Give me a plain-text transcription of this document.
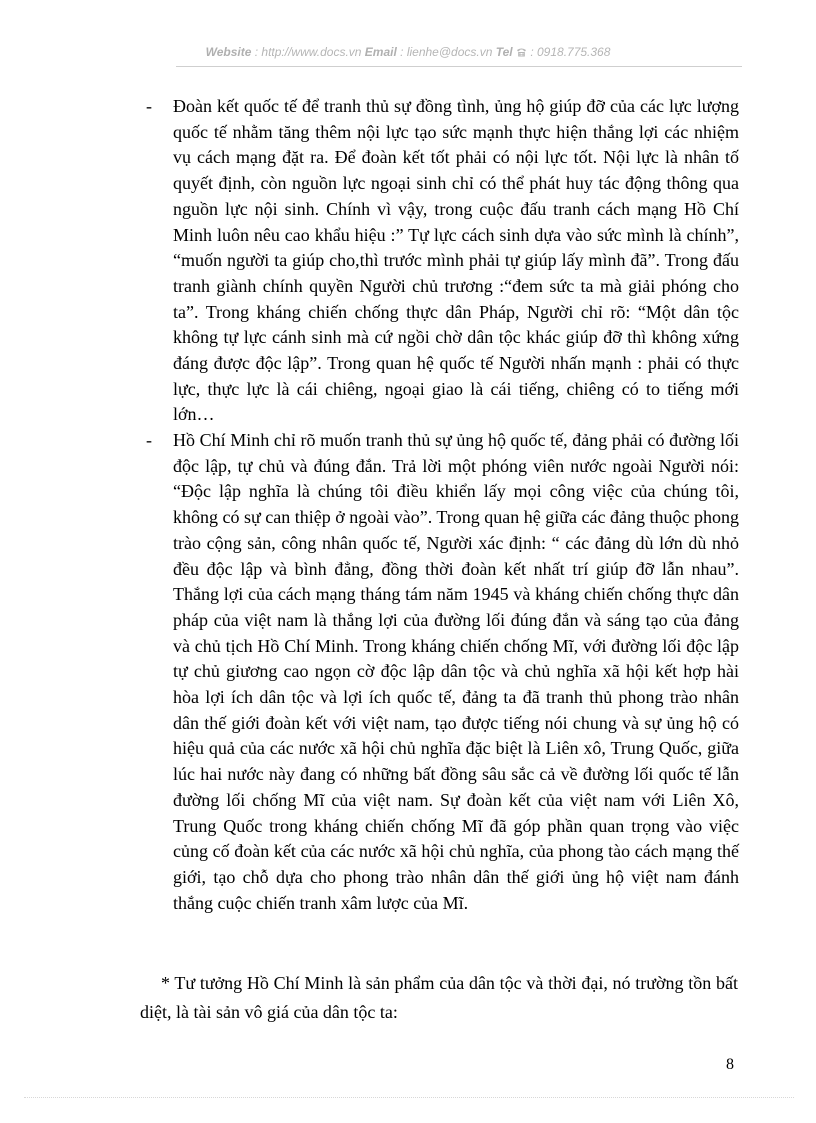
Website : http://www.docs.vn Email : lienhe@docs.vn Tel : 0918.775.368
- Đoàn kết quốc tế để tranh thủ sự đồng tình, ủng hộ giúp đỡ của các lực lượng quốc tế nhằm tăng thêm nội lực tạo sức mạnh thực hiện thắng lợi các nhiệm vụ cách mạng đặt ra. Để đoàn kết tốt phải có nội lực tốt. Nội lực là nhân tố quyết định, còn nguồn lực ngoại sinh chỉ có thể phát huy tác động thông qua nguồn lực nội sinh. Chính vì vậy, trong cuộc đấu tranh cách mạng Hồ Chí Minh luôn nêu cao khẩu hiệu :” Tự lực cách sinh dựa vào sức mình là chính”, “muốn người ta giúp cho,thì trước mình phải tự giúp lấy mình đã”. Trong đấu tranh giành chính quyền Người chủ trương :“đem sức ta mà giải phóng cho ta”. Trong kháng chiến chống thực dân Pháp, Người chỉ rõ: “Một dân tộc không tự lực cánh sinh mà cứ ngồi chờ dân tộc khác giúp đỡ thì không xứng đáng được độc lập”. Trong quan hệ quốc tế Người nhấn mạnh : phải có thực lực, thực lực là cái chiêng, ngoại giao là cái tiếng, chiêng có to tiếng mới lớn…
- Hồ Chí Minh chỉ rõ muốn tranh thủ sự ủng hộ quốc tế, đảng phải có đường lối độc lập, tự chủ và đúng đắn. Trả lời một phóng viên nước ngoài Người nói: “Độc lập nghĩa là chúng tôi điều khiển lấy mọi công việc của chúng tôi, không có sự can thiệp ở ngoài vào”. Trong quan hệ giữa các đảng thuộc phong trào cộng sản, công nhân quốc tế, Người xác định: “ các đảng dù lớn dù nhỏ đều độc lập và bình đẳng, đồng thời đoàn kết nhất trí giúp đỡ lẫn nhau”. Thắng lợi của cách mạng tháng tám năm 1945 và kháng chiến chống thực dân pháp của việt nam là thắng lợi của đường lối đúng đắn và sáng tạo của đảng và chủ tịch Hồ Chí Minh. Trong kháng chiến chống Mĩ, với đường lối độc lập tự chủ giương cao ngọn cờ độc lập dân tộc và chủ nghĩa xã hội kết hợp hài hòa lợi ích dân tộc và lợi ích quốc tế, đảng ta đã tranh thủ phong trào nhân dân thế giới đoàn kết với việt nam, tạo được tiếng nói chung và sự ủng hộ có hiệu quả của các nước xã hội chủ nghĩa đặc biệt là Liên xô, Trung Quốc, giữa lúc hai nước này đang có những bất đồng sâu sắc cả về đường lối quốc tế lẫn đường lối chống Mĩ của việt nam. Sự đoàn kết của việt nam với Liên Xô, Trung Quốc trong kháng chiến chống Mĩ đã góp phần quan trọng vào việc củng cố đoàn kết của các nước xã hội chủ nghĩa, của phong tào cách mạng thế giới, tạo chỗ dựa cho phong trào nhân dân thế giới ủng hộ việt nam đánh thắng cuộc chiến tranh xâm lược của Mĩ.
* Tư tưởng Hồ Chí Minh là sản phẩm của dân tộc và thời đại, nó trường tồn bất diệt, là tài sản vô giá của dân tộc ta:
8
